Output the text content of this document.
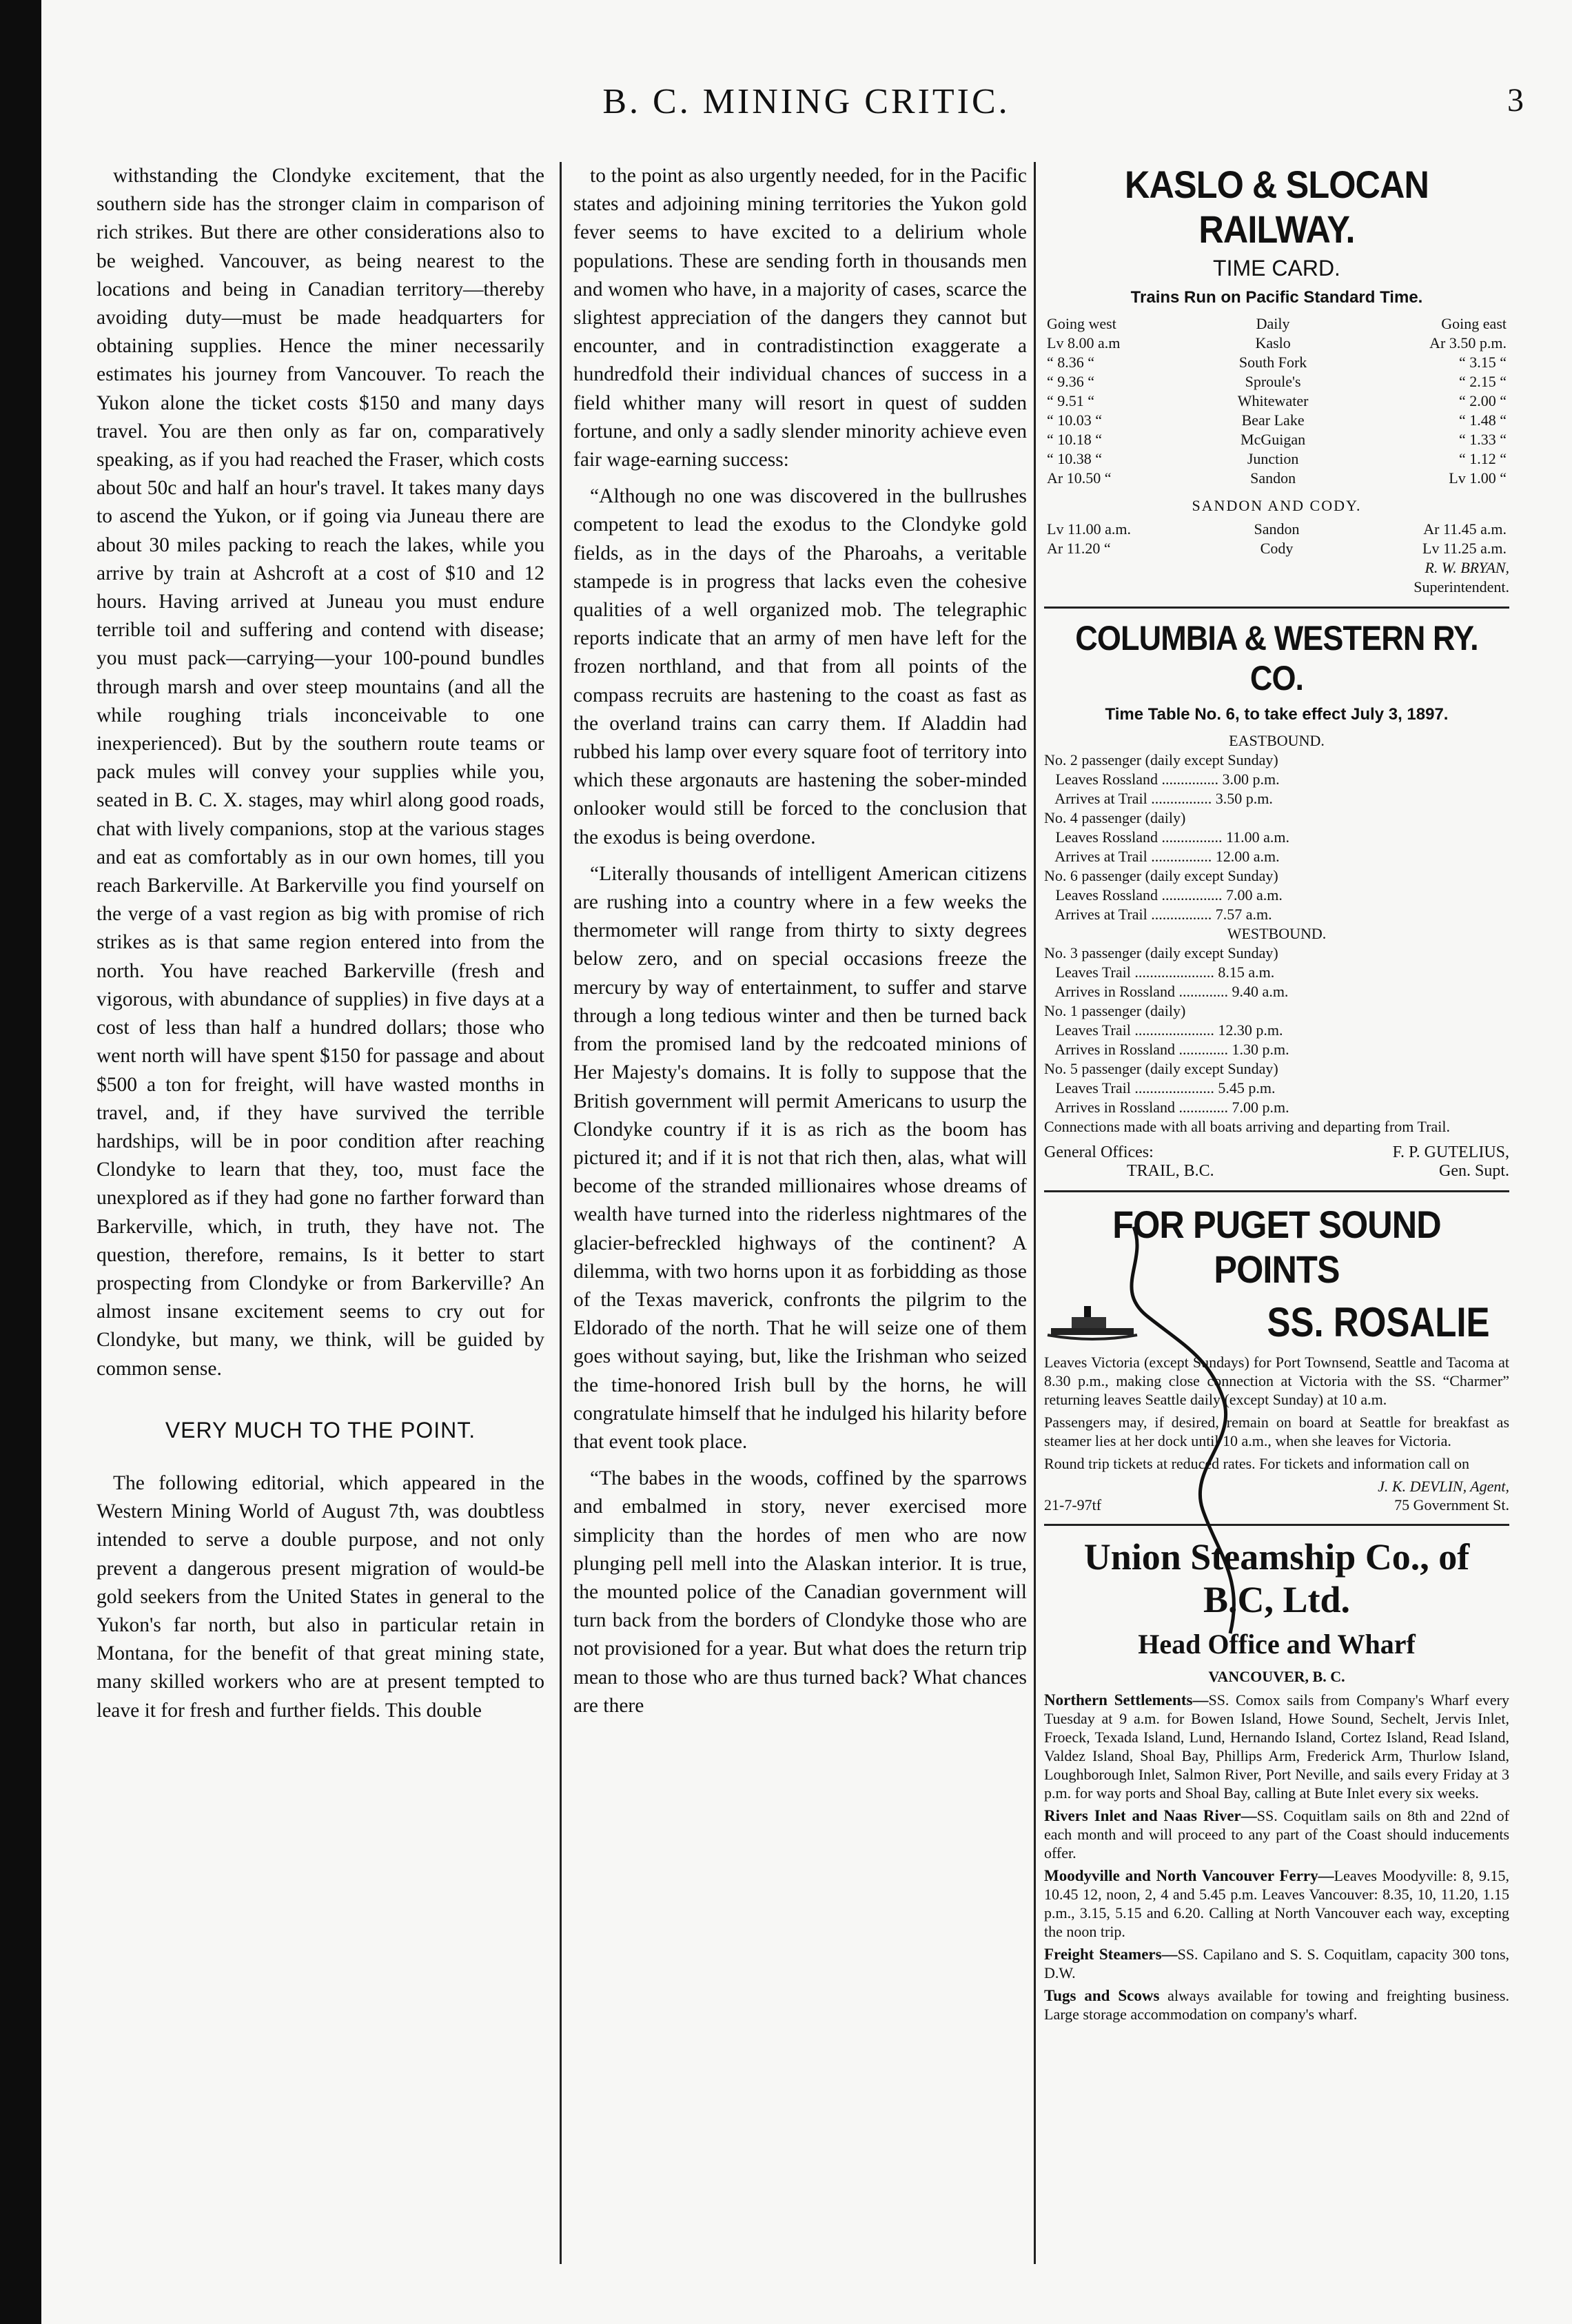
B. C. MINING CRITIC.	3

withstanding the Clondyke excitement, that the southern side has the stronger claim in comparison of rich strikes. But there are other considerations also to be weighed. Vancouver, as being nearest to the locations and being in Canadian territory—thereby avoiding duty—must be made headquarters for obtaining supplies. Hence the miner necessarily estimates his journey from Vancouver. To reach the Yukon alone the ticket costs $150 and many days travel. You are then only as far on, comparatively speaking, as if you had reached the Fraser, which costs about 50c and half an hour's travel. It takes many days to ascend the Yukon, or if going via Juneau there are about 30 miles packing to reach the lakes, while you arrive by train at Ashcroft at a cost of $10 and 12 hours. Having arrived at Juneau you must endure terrible toil and suffering and contend with disease; you must pack—carrying—your 100-pound bundles through marsh and over steep mountains (and all the while roughing trials inconceivable to one inexperienced). But by the southern route teams or pack mules will convey your supplies while you, seated in B. C. X. stages, may whirl along good roads, chat with lively companions, stop at the various stages and eat as comfortably as in our own homes, till you reach Barkerville. At Barkerville you find yourself on the verge of a vast region as big with promise of rich strikes as is that same region entered into from the north. You have reached Barkerville (fresh and vigorous, with abundance of supplies) in five days at a cost of less than half a hundred dollars; those who went north will have spent $150 for passage and about $500 a ton for freight, will have wasted months in travel, and, if they have survived the terrible hardships, will be in poor condition after reaching Clondyke to learn that they, too, must face the unexplored as if they had gone no farther forward than Barkerville, which, in truth, they have not. The question, therefore, remains, Is it better to start prospecting from Clondyke or from Barkerville? An almost insane excitement seems to cry out for Clondyke, but many, we think, will be guided by common sense.

VERY MUCH TO THE POINT.

The following editorial, which appeared in the Western Mining World of August 7th, was doubtless intended to serve a double purpose, and not only prevent a dangerous present migration of would-be gold seekers from the United States in general to the Yukon's far north, but also in particular retain in Montana, for the benefit of that great mining state, many skilled workers who are at present tempted to leave it for fresh and further fields. This double

to the point as also urgently needed, for in the Pacific states and adjoining mining territories the Yukon gold fever seems to have excited to a delirium whole populations. These are sending forth in thousands men and women who have, in a majority of cases, scarce the slightest appreciation of the dangers they cannot but encounter, and in contradistinction exaggerate a hundredfold their individual chances of success in a field whither many will resort in quest of sudden fortune, and only a sadly slender minority achieve even fair wage-earning success:

“Although no one was discovered in the bullrushes competent to lead the exodus to the Clondyke gold fields, as in the days of the Pharoahs, a veritable stampede is in progress that lacks even the cohesive qualities of a well organized mob. The telegraphic reports indicate that an army of men have left for the frozen northland, and that from all points of the compass recruits are hastening to the coast as fast as the overland trains can carry them. If Aladdin had rubbed his lamp over every square foot of territory into which these argonauts are hastening the sober-minded onlooker would still be forced to the conclusion that the exodus is being overdone.

“Literally thousands of intelligent American citizens are rushing into a country where in a few weeks the thermometer will range from thirty to sixty degrees below zero, and on special occasions freeze the mercury by way of entertainment, to suffer and starve through a long tedious winter and then be turned back from the promised land by the redcoated minions of Her Majesty's domains. It is folly to suppose that the British government will permit Americans to usurp the Clondyke country if it is as rich as the boom has pictured it; and if it is not that rich then, alas, what will become of the stranded millionaires whose dreams of wealth have turned into the riderless nightmares of the glacier-befreckled highways of the continent? A dilemma, with two horns upon it as forbidding as those of the Texas maverick, confronts the pilgrim to the Eldorado of the north. That he will seize one of them goes without saying, but, like the Irishman who seized the time-honored Irish bull by the horns, he will congratulate himself that he indulged his hilarity before that event took place.

“The babes in the woods, coffined by the sparrows and embalmed in story, never exercised more simplicity than the hordes of men who are now plunging pell mell into the Alaskan interior. It is true, the mounted police of the Canadian government will turn back from the borders of Clondyke those who are not provisioned for a year. But what does the return trip mean to those who are thus turned back? What chances are there

KASLO & SLOCAN RAILWAY.
TIME CARD.
Trains Run on Pacific Standard Time.
Going west	Daily	Going east
Lv 8.00 a.m	Kaslo	Ar 3.50 p.m.
“ 8.36 “	South Fork	“ 3.15 “
“ 9.36 “	Sproule's	“ 2.15 “
“ 9.51 “	Whitewater	“ 2.00 “
“ 10.03 “	Bear Lake	“ 1.48 “
“ 10.18 “	McGuigan	“ 1.33 “
“ 10.38 “	Junction	“ 1.12 “
Ar 10.50 “	Sandon	Lv 1.00 “
SANDON AND CODY.
Lv 11.00 a.m.	Sandon	Ar 11.45 a.m.
Ar 11.20 “	Cody	Lv 11.25 a.m.
R. W. BRYAN,
Superintendent.
COLUMBIA & WESTERN RY. CO.
Time Table No. 6, to take effect July 3, 1897.
EASTBOUND.
No. 2 passenger (daily except Sunday)
Leaves Rossland ............... 3.00 p.m.
Arrives at Trail ................ 3.50 p.m.
No. 4 passenger (daily)
Leaves Rossland ................ 11.00 a.m.
Arrives at Trail ................ 12.00 a.m.
No. 6 passenger (daily except Sunday)
Leaves Rossland ................ 7.00 a.m.
Arrives at Trail ................ 7.57 a.m.
WESTBOUND.
No. 3 passenger (daily except Sunday)
Leaves Trail ..................... 8.15 a.m.
Arrives in Rossland ............. 9.40 a.m.
No. 1 passenger (daily)
Leaves Trail ..................... 12.30 p.m.
Arrives in Rossland ............. 1.30 p.m.
No. 5 passenger (daily except Sunday)
Leaves Trail ..................... 5.45 p.m.
Arrives in Rossland ............. 7.00 p.m.
Connections made with all boats arriving and departing from Trail.
General Offices:	F. P. GUTELIUS,
TRAIL, B.C.	Gen. Supt.
FOR PUGET SOUND POINTS
SS. ROSALIE
Leaves Victoria (except Sundays) for Port Townsend, Seattle and Tacoma at 8.30 p.m., making close connection at Victoria with the SS. “Charmer” returning leaves Seattle daily (except Sunday) at 10 a.m.
Passengers may, if desired, remain on board at Seattle for breakfast as steamer lies at her dock until 10 a.m., when she leaves for Victoria.
Round trip tickets at reduced rates. For tickets and information call on
J. K. DEVLIN, Agent,
21-7-97tf	75 Government St.
Union Steamship Co., of B.C, Ltd.
Head Office and Wharf
VANCOUVER, B. C.
Northern Settlements—SS. Comox sails from Company's Wharf every Tuesday at 9 a.m. for Bowen Island, Howe Sound, Sechelt, Jervis Inlet, Froeck, Texada Island, Lund, Hernando Island, Cortez Island, Read Island, Valdez Island, Shoal Bay, Phillips Arm, Frederick Arm, Thurlow Island, Loughborough Inlet, Salmon River, Port Neville, and sails every Friday at 3 p.m. for way ports and Shoal Bay, calling at Bute Inlet every six weeks.
Rivers Inlet and Naas River—SS. Coquitlam sails on 8th and 22nd of each month and will proceed to any part of the Coast should inducements offer.
Moodyville and North Vancouver Ferry—Leaves Moodyville: 8, 9.15, 10.45 12, noon, 2, 4 and 5.45 p.m. Leaves Vancouver: 8.35, 10, 11.20, 1.15 p.m., 3.15, 5.15 and 6.20. Calling at North Vancouver each way, excepting the noon trip.
Freight Steamers—SS. Capilano and S. S. Coquitlam, capacity 300 tons, D.W.
Tugs and Scows always available for towing and freighting business. Large storage accommodation on company's wharf.
